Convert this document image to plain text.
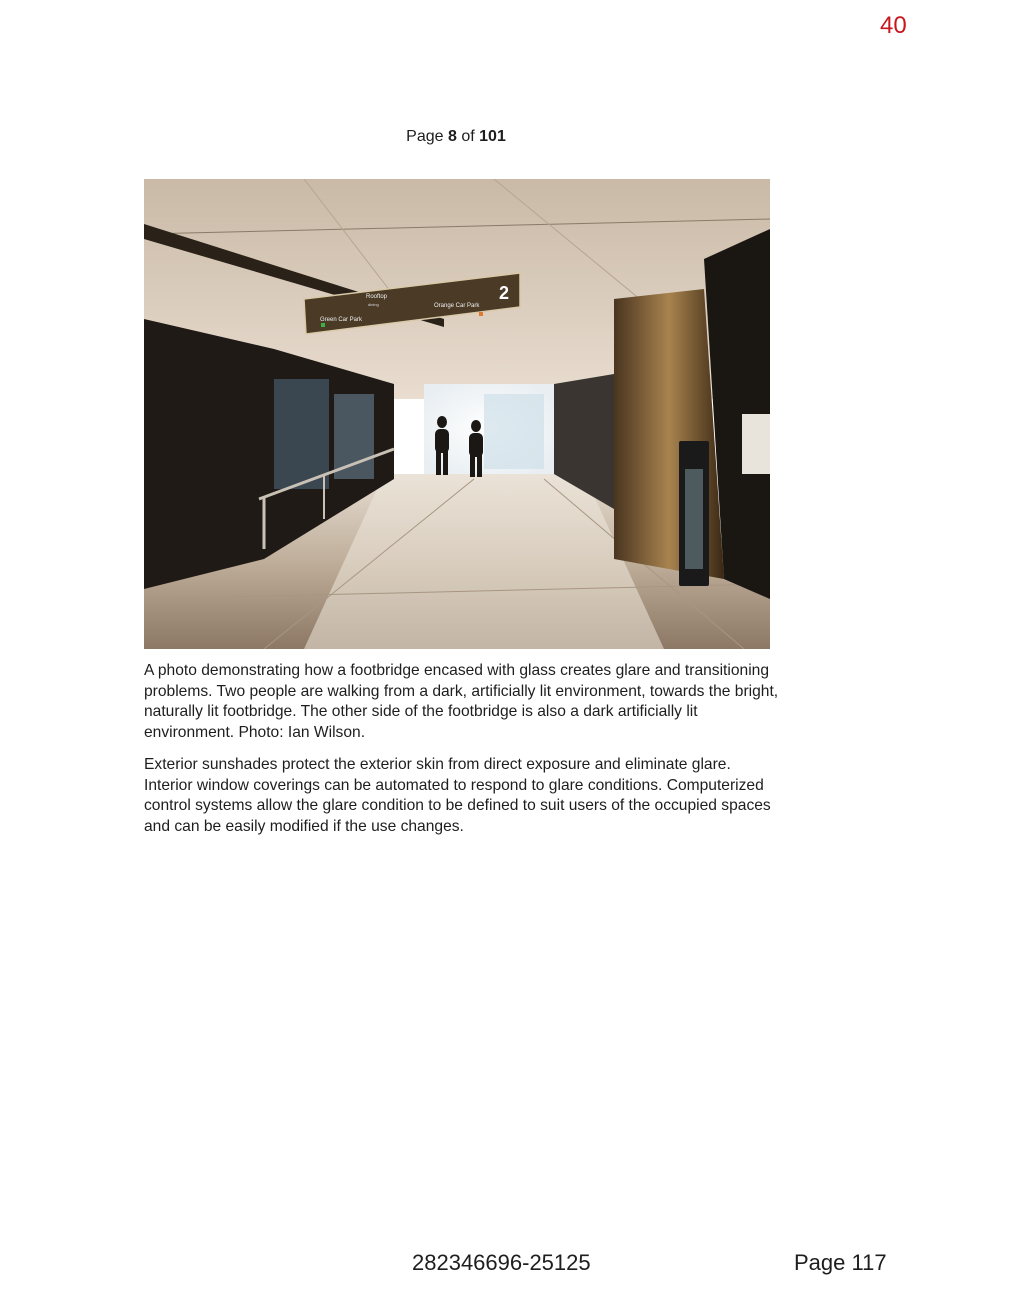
40
Page 8 of 101
Green Car Park
Rooftop
dining	Orange Car Park
2

A photo demonstrating how a footbridge encased with glass creates glare and transitioning problems. Two people are walking from a dark, artificially lit environment, towards the bright, naturally lit footbridge. The other side of the footbridge is also a dark artificially lit environment. Photo: Ian Wilson.

Exterior sunshades protect the exterior skin from direct exposure and eliminate glare. Interior window coverings can be automated to respond to glare conditions. Computerized control systems allow the glare condition to be defined to suit users of the occupied spaces and can be easily modified if the use changes.

282346696-25125	Page 117
